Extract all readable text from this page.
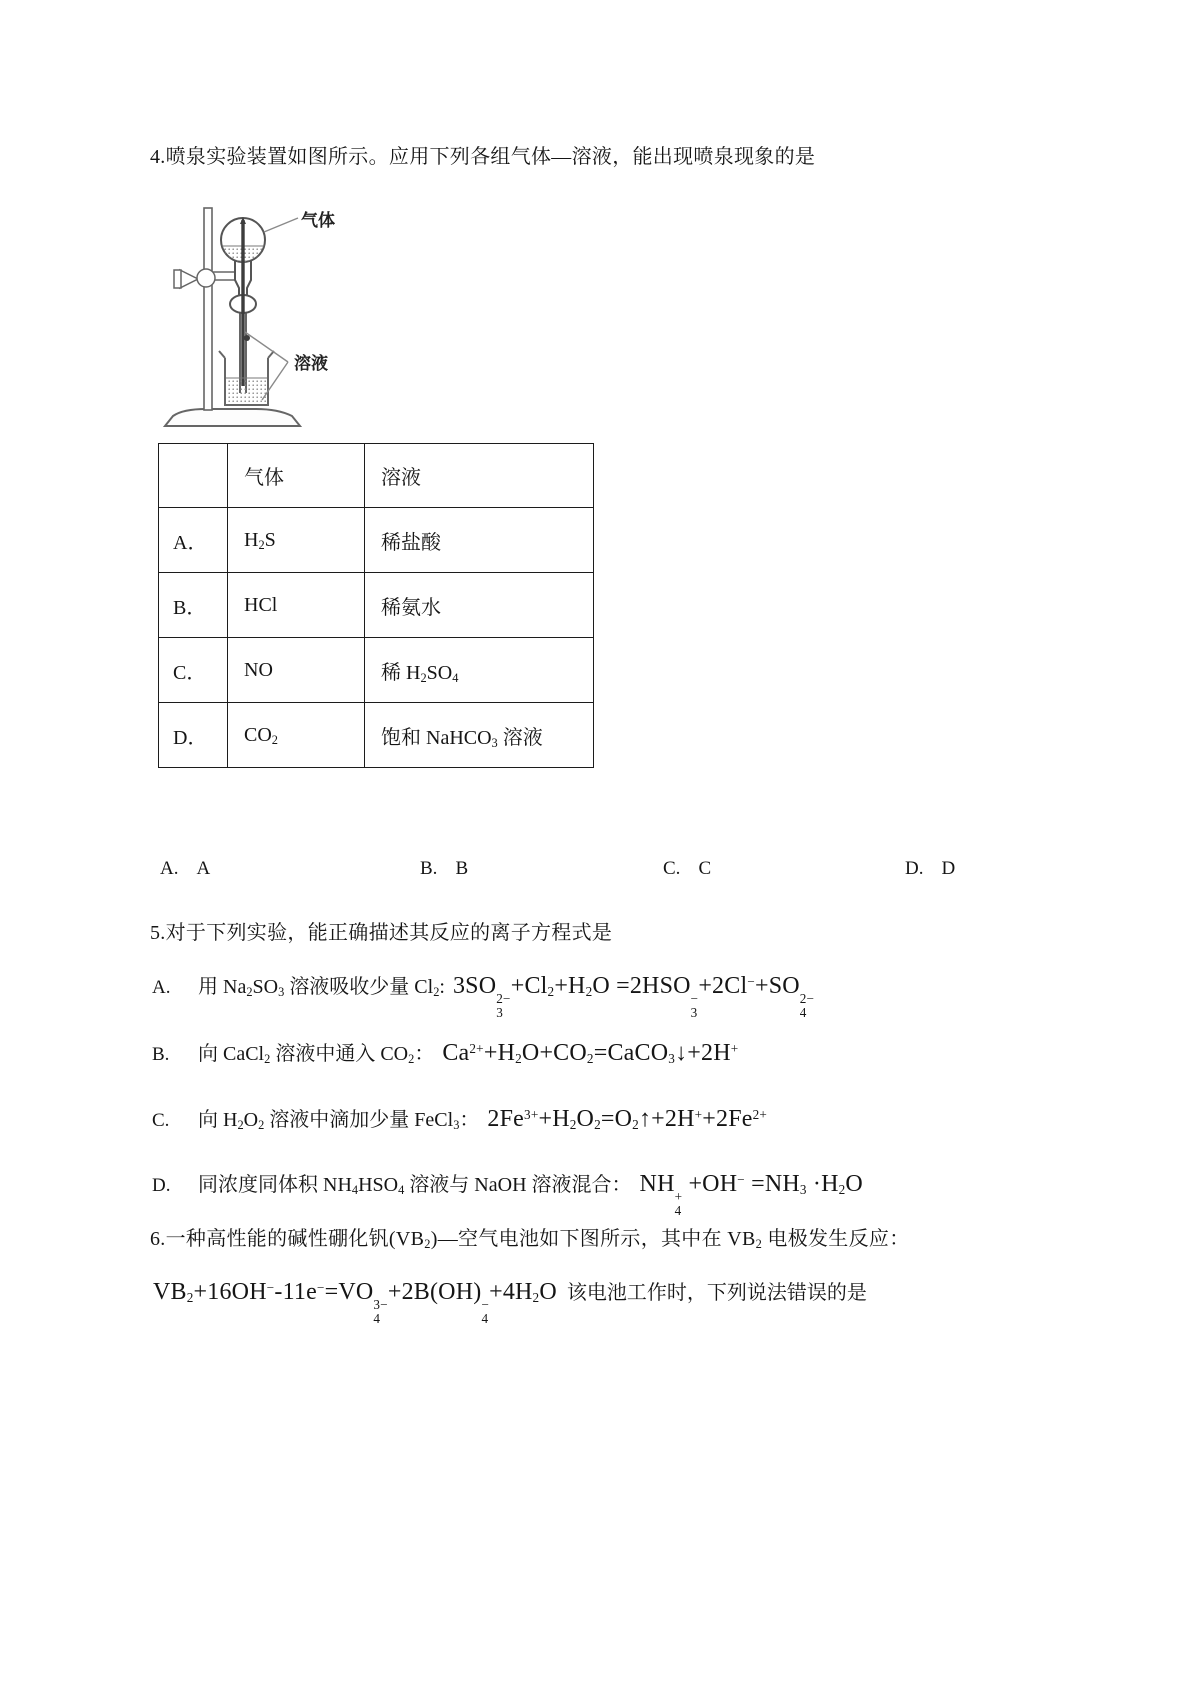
4.喷泉实验装置如图所示。应用下列各组气体—溶液，能出现喷泉现象的是
气体
溶液
	气体	溶液
A．	$H_2S$	稀盐酸
B．	HCl	稀氨水
C．	NO	稀 $H_2SO_4$
D．	$CO_2$	饱和 NaHCO$_3$ 溶液
A. A	B. B	C. C	D. D
5.对于下列实验，能正确描述其反应的离子方程式是
A. 用 $Na_2SO_3$ 溶液吸收少量 $Cl_2$: 3SO 2−
3
$+Cl_2+H_2O =2HSO$ −
3
+2Cl−+SO 2−
4
B. 向 CaCl$_2$ 溶液中通入 $CO_2$： $Ca^{2+}+H_2O+CO_2=CaCO_3↓+2H^+$
C. 向 $H_2O_2$ 溶液中滴加少量 FeCl$_3$： $2Fe^{3+}+H_2O_2=O_2↑+2H^++2Fe^{2+}$
D. 同浓度同体积 $NH_4HSO_4$ 溶液与 NaOH 溶液混合： NH +
4
$+OH^- =NH_3 \cdot H_2O$
6.一种高性能的碱性硼化钒$(VB_2)—$空气电池如下图所示，其中在 $VB_2$ 电极发生反应：
$VB_2+16OH^--11e^-=VO$ 3−
4
+2B(OH) −
4
$+4H_2O$ 该电池工作时，下列说法错误的是
